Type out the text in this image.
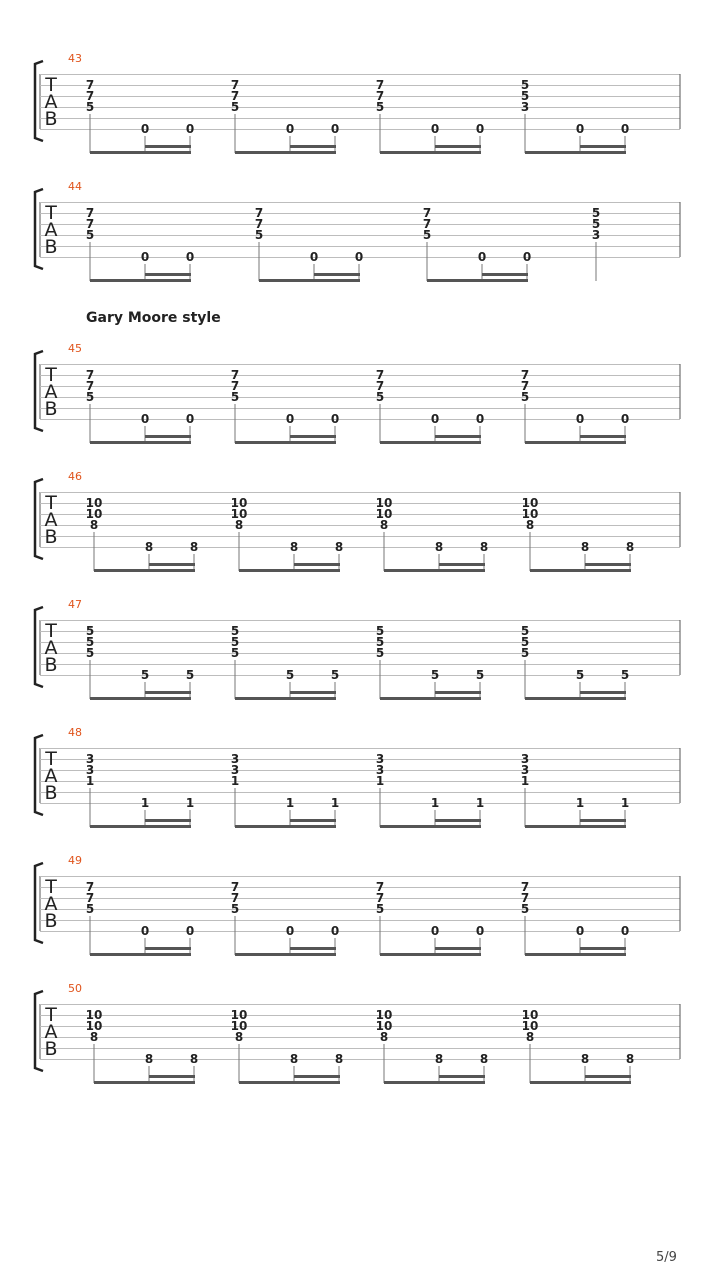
Gary Moore style
5/9
43
T
A
B
7
7
5
0	0
7
7
5
0	0
7
7
5
0	0
5
5
3
0	0
44
T
A
B
7
7
5
0	0
7
7
5
0	0
7
7
5
0	0
5
5
3
45
T
A
B
7
7
5
0	0
7
7
5
0	0
7
7
5
0	0
7
7
5
0	0
46
T
A
B
10
10
8
8	8
10
10
8
8	8
10
10
8
8	8
10
10
8
8	8
47
T
A
B
5
5
5
5	5
5
5
5
5	5
5
5
5
5	5
5
5
5
5	5
48
T
A
B
3
3
1
1	1
3
3
1
1	1
3
3
1
1	1
3
3
1
1	1
49
T
A
B
7
7
5
0	0
7
7
5
0	0
7
7
5
0	0
7
7
5
0	0
50
T
A
B
10
10
8
8	8
10
10
8
8	8
10
10
8
8	8
10
10
8
8	8
